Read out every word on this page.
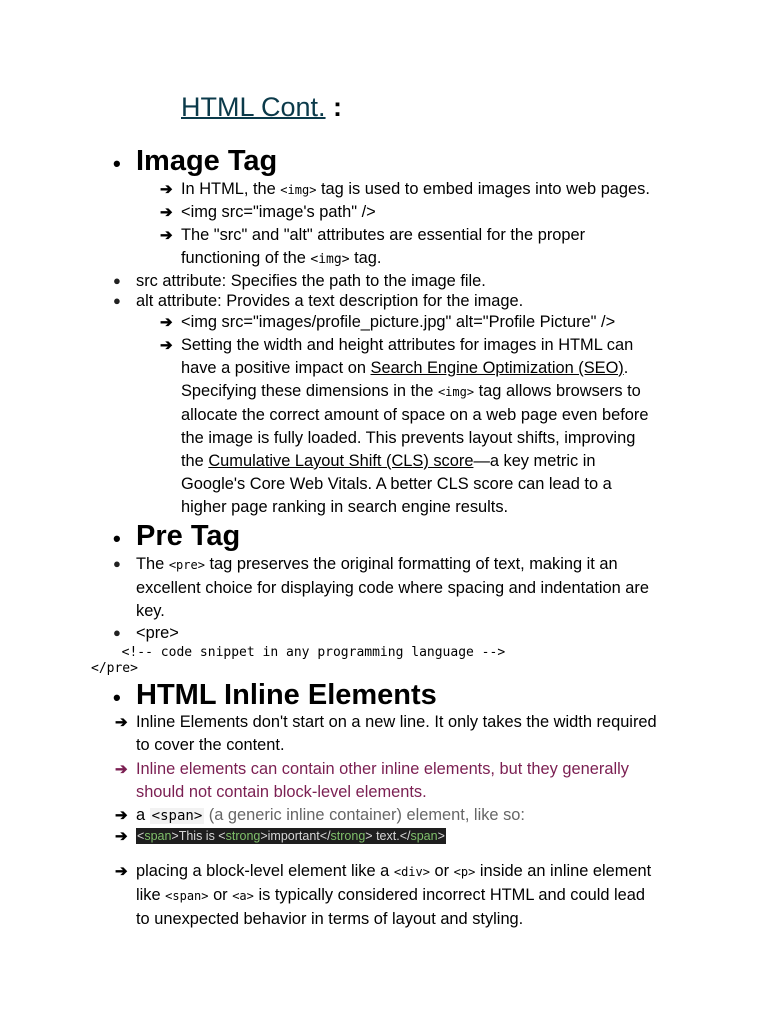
HTML Cont. :
• Image Tag
➔ In HTML, the <img> tag is used to embed images into web pages.
➔ <img src="image's path" />
➔ The "src" and "alt" attributes are essential for the proper
functioning of the <img> tag.
● src attribute: Specifies the path to the image file.
● alt attribute: Provides a text description for the image.
➔ <img src="images/profile_picture.jpg" alt="Profile Picture" />
➔ Setting the width and height attributes for images in HTML can
have a positive impact on Search Engine Optimization (SEO).
Specifying these dimensions in the <img> tag allows browsers to
allocate the correct amount of space on a web page even before
the image is fully loaded. This prevents layout shifts, improving
the Cumulative Layout Shift (CLS) score—a key metric in
Google's Core Web Vitals. A better CLS score can lead to a
higher page ranking in search engine results.
• Pre Tag
● The <pre> tag preserves the original formatting of text, making it an
excellent choice for displaying code where spacing and indentation are
key.
● <pre>
<!-- code snippet in any programming language -->
</pre>
• HTML Inline Elements
➔ Inline Elements don't start on a new line. It only takes the width required
to cover the content.
➔ Inline elements can contain other inline elements, but they generally
should not contain block-level elements.
➔ a <span> (a generic inline container) element, like so:
➔ <span>This is <strong>important</strong> text.</span>
➔ placing a block-level element like a <div> or <p> inside an inline element
like <span> or <a> is typically considered incorrect HTML and could lead
to unexpected behavior in terms of layout and styling.
